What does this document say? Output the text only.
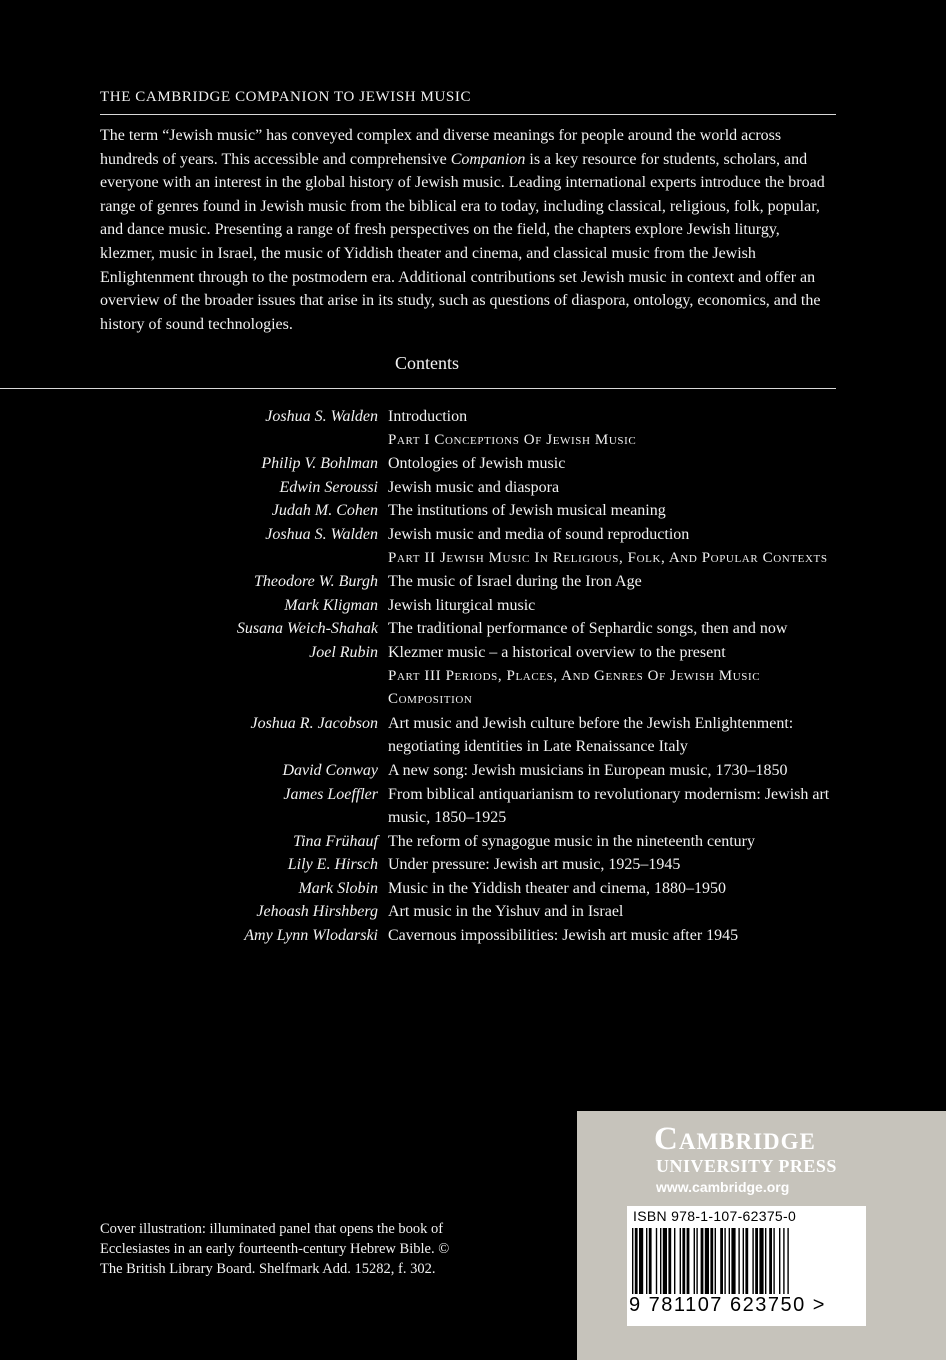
THE CAMBRIDGE COMPANION TO JEWISH MUSIC

The term “Jewish music” has conveyed complex and diverse meanings for people around the world across hundreds of years. This accessible and comprehensive Companion is a key resource for students, scholars, and everyone with an interest in the global history of Jewish music. Leading international experts introduce the broad range of genres found in Jewish music from the biblical era to today, including classical, religious, folk, popular, and dance music. Presenting a range of fresh perspectives on the field, the chapters explore Jewish liturgy, klezmer, music in Israel, the music of Yiddish theater and cinema, and classical music from the Jewish Enlightenment through to the postmodern era. Additional contributions set Jewish music in context and offer an overview of the broader issues that arise in its study, such as questions of diaspora, ontology, economics, and the history of sound technologies.

Contents
Joshua S. Walden Introduction
Part I Conceptions Of Jewish Music
Philip V. Bohlman Ontologies of Jewish music
Edwin Seroussi Jewish music and diaspora
Judah M. Cohen The institutions of Jewish musical meaning
Joshua S. Walden Jewish music and media of sound reproduction
Part II Jewish Music In Religious, Folk, And Popular Contexts
Theodore W. Burgh The music of Israel during the Iron Age
Mark Kligman Jewish liturgical music
Susana Weich-Shahak The traditional performance of Sephardic songs, then and now
Joel Rubin Klezmer music – a historical overview to the present
Part III Periods, Places, And Genres Of Jewish Music Composition
Joshua R. Jacobson Art music and Jewish culture before the Jewish Enlightenment: negotiating identities in Late Renaissance Italy
David Conway A new song: Jewish musicians in European music, 1730–1850
James Loeffler From biblical antiquarianism to revolutionary modernism: Jewish art music, 1850–1925
Tina Frühauf The reform of synagogue music in the nineteenth century
Lily E. Hirsch Under pressure: Jewish art music, 1925–1945
Mark Slobin Music in the Yiddish theater and cinema, 1880–1950
Jehoash Hirshberg Art music in the Yishuv and in Israel
Amy Lynn Wlodarski Cavernous impossibilities: Jewish art music after 1945

Cover illustration: illuminated panel that opens the book of Ecclesiastes in an early fourteenth-century Hebrew Bible. © The British Library Board. Shelfmark Add. 15282, f. 302.

Cambridge
UNIVERSITY PRESS
www.cambridge.org
ISBN 978-1-107-62375-0
9 781107 623750 >
